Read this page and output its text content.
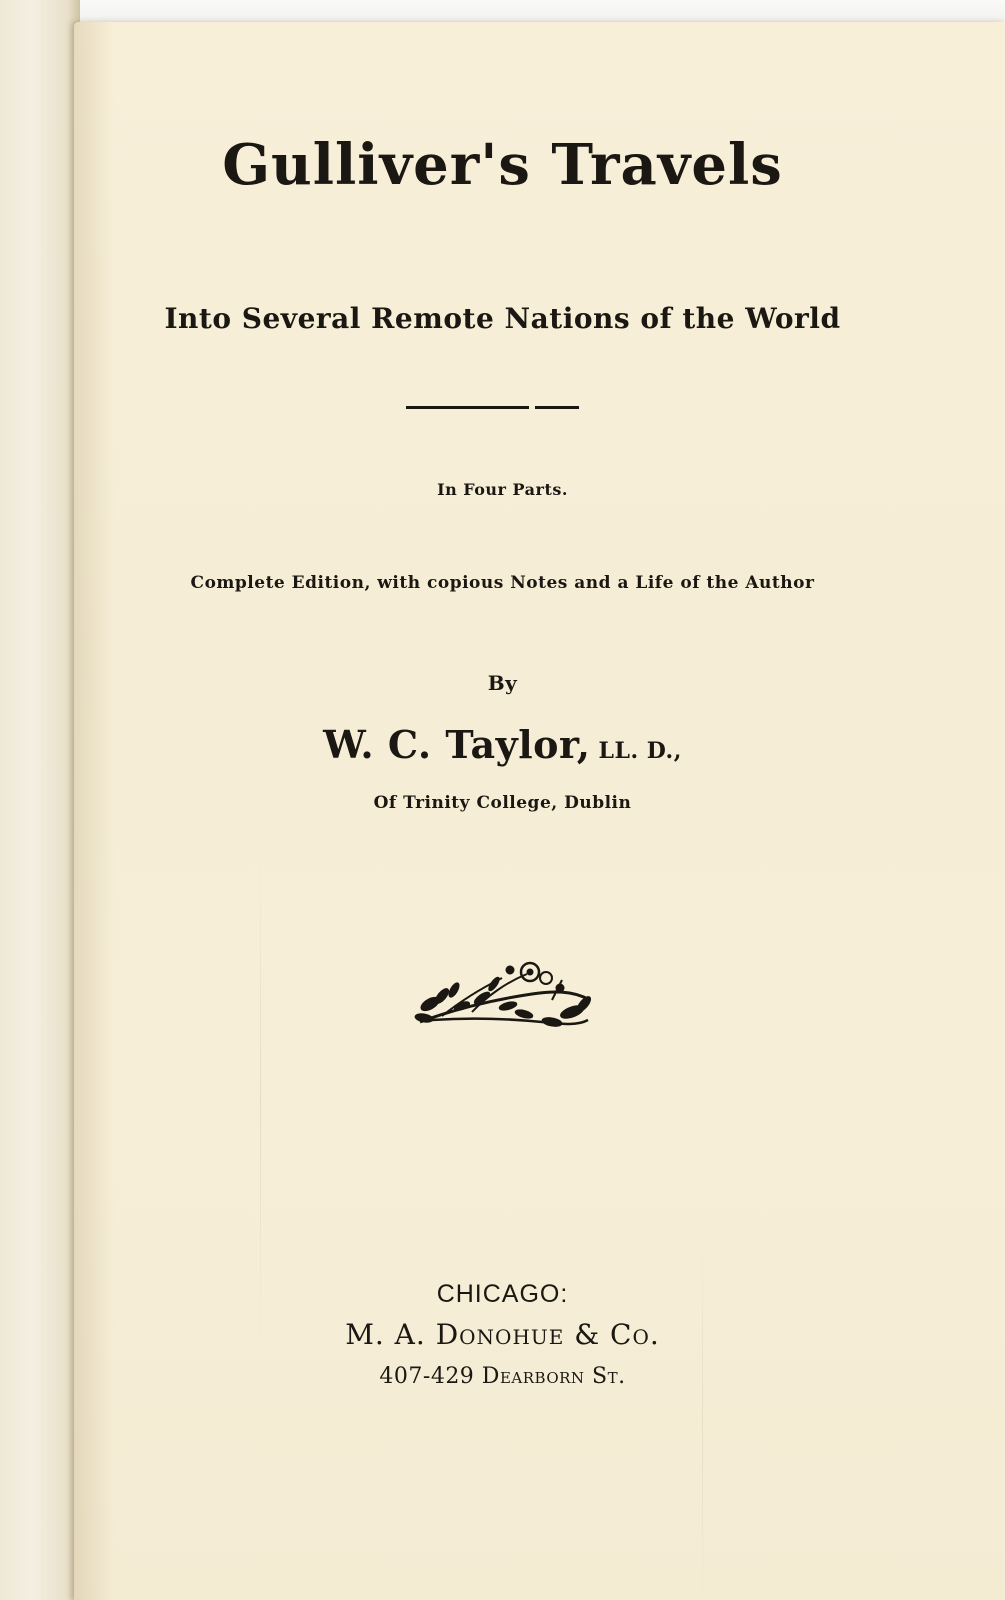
Gulliver's Travels
Into Several Remote Nations of the World
In Four Parts.
Complete Edition, with copious Notes and a Life of the Author
By
W. C. Taylor, LL. D.,
Of Trinity College, Dublin
CHICAGO:
M. A. Donohue & Co.
407-429 Dearborn St.
